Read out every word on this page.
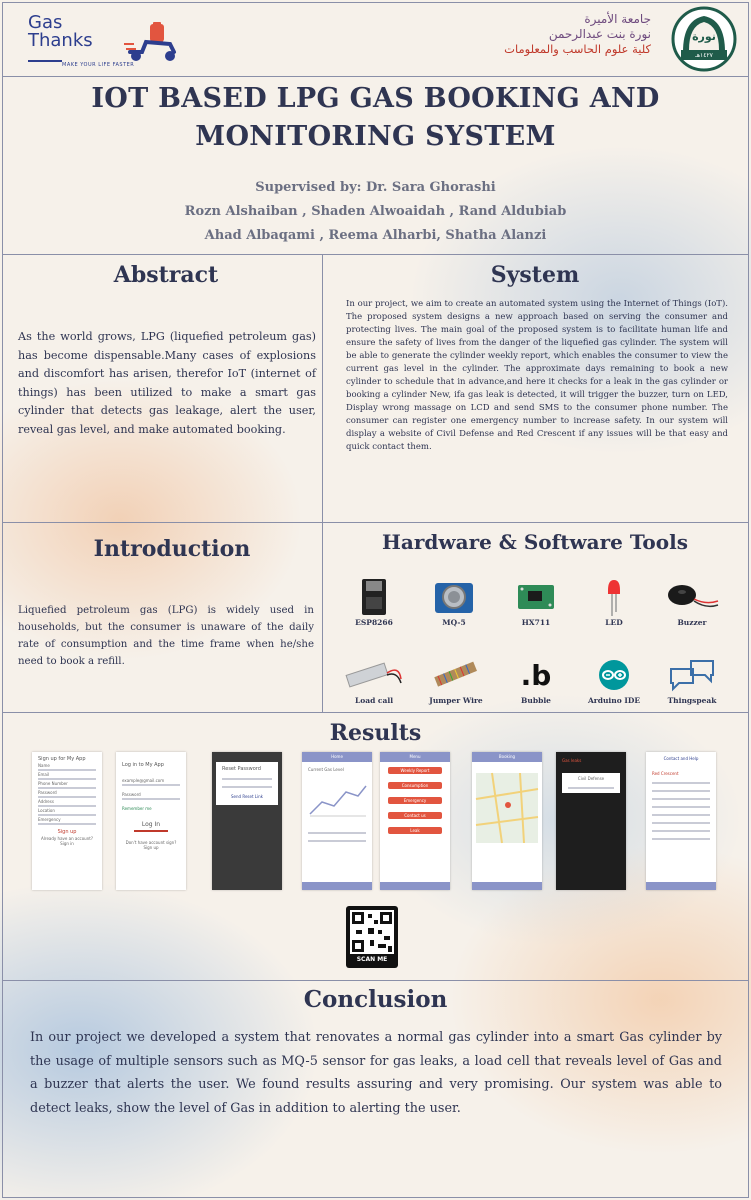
Gas
Thanks
MAKE YOUR LIFE FASTER
جامعة الأميرة
نورة بنت عبدالرحمن
كلية علوم الحاسب والمعلومات
نورة
١٤٢٧هـ
IOT BASED LPG GAS BOOKING AND
MONITORING SYSTEM
Supervised by: Dr. Sara Ghorashi
Rozn Alshaiban , Shaden Alwoaidah , Rand Aldubiab
Ahad Albaqami , Reema Alharbi, Shatha Alanzi
Abstract
As the world grows, LPG (liquefied petroleum gas) has become dispensable.Many cases of explosions and discomfort has arisen, therefor IoT (internet of things) has been utilized to make a smart gas cylinder that detects gas leakage, alert the user, reveal gas level, and make automated booking.
System
In our project, we aim to create an automated system using the Internet of Things (IoT). The proposed system designs a new approach based on serving the consumer and protecting lives. The main goal of the proposed system is to facilitate human life and ensure the safety of lives from the danger of the liquefied gas cylinder. The system will be able to generate the cylinder weekly report, which enables the consumer to view the current gas level in the cylinder. The approximate days remaining to book a new cylinder to schedule that in advance,and here it checks for a leak in the gas cylinder or booking a cylinder New, ifa gas leak is detected, it will trigger the buzzer, turn on LED, Display wrong massage on LCD and send SMS to the consumer phone number. The consumer can register one emergency number to increase safety. In our system will display a website of Civil Defense and Red Crescent if any issues will be that easy and quick contact them.
Introduction
Liquefied petroleum gas (LPG) is widely used in households, but the consumer is unaware of the daily rate of consumption and the time frame when he/she need to book a refill.
Hardware & Software Tools
ESP8266	MQ-5	HX711	LED	Buzzer
Load call	Jumper Wire
.b
Bubble	Arduino IDE	Thingspeak
Results
Sign up for My App
Name
Email
Phone Number
Password
Address
Location
Emergency
Sign up
Already have an account? Sign in
Log in to My App
example@gmail.com
Password
Remember me
Log In
Don't have account sign? Sign up
Reset Password
Send Reset Link
Home
Current Gas Level
Menu
Weekly Report
Consumption
Emergency
Contact us
Leak
Booking
Gas leaks
Civil Defense
Contact and Help
Red Crescent
SCAN ME
Conclusion
In our project we developed a system that renovates a normal gas cylinder into a smart Gas cylinder by the usage of multiple sensors such as MQ-5 sensor for gas leaks, a load cell that reveals level of Gas and a buzzer that alerts the user. We found results assuring and very promising. Our system was able to detect leaks, show the level of Gas in addition to alerting the user.
